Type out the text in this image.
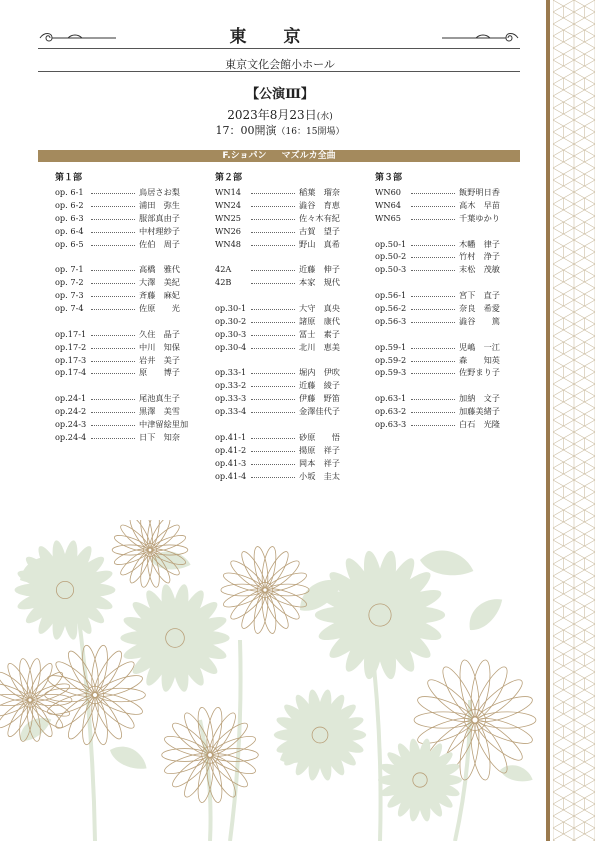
東　京
東京文化会館小ホール
【公演Ⅲ】
2023年8月23日(水)
17：00開演（16：15開場）
F.ショパン マズルカ全曲
第１部
op. 6-1	鳥居さお梨
op. 6-2	浦田　弥生
op. 6-3	服部真由子
op. 6-4	中村理紗子
op. 6-5	佐伯　周子
op. 7-1	高橋　雅代
op. 7-2	大澤　美紀
op. 7-3	斉藤　麻妃
op. 7-4	佐原　　光
op.17-1	久住　晶子
op.17-2	中川　知保
op.17-3	岩井　美子
op.17-4	原　　博子
op.24-1	尾池真生子
op.24-2	黒澤　美雪
op.24-3	中津留絵里加
op.24-4	日下　知奈
第２部
WN14	稲葉　瑠奈
WN24	澁谷　育恵
WN25	佐々木有紀
WN26	古賀　望子
WN48	野山　真希
42A	近藤　伸子
42B	本家　規代
op.30-1	大守　真央
op.30-2	諸原　康代
op.30-3	冨士　素子
op.30-4	北川　恵美
op.33-1	堀内　伊吹
op.33-2	近藤　綾子
op.33-3	伊藤　野笛
op.33-4	金澤佳代子
op.41-1	砂原　　悟
op.41-2	揚原　祥子
op.41-3	岡本　祥子
op.41-4	小坂　圭太
第３部
WN60	飯野明日香
WN64	高木　早苗
WN65	千葉ゆかり
op.50-1	木幡　律子
op.50-2	竹村　浄子
op.50-3	末松　茂敏
op.56-1	宮下　直子
op.56-2	奈良　希愛
op.56-3	澁谷　　篤
op.59-1	児嶋　一江
op.59-2	森　　知英
op.59-3	佐野まり子
op.63-1	加納　文子
op.63-2	加藤美緒子
op.63-3	白石　光隆
